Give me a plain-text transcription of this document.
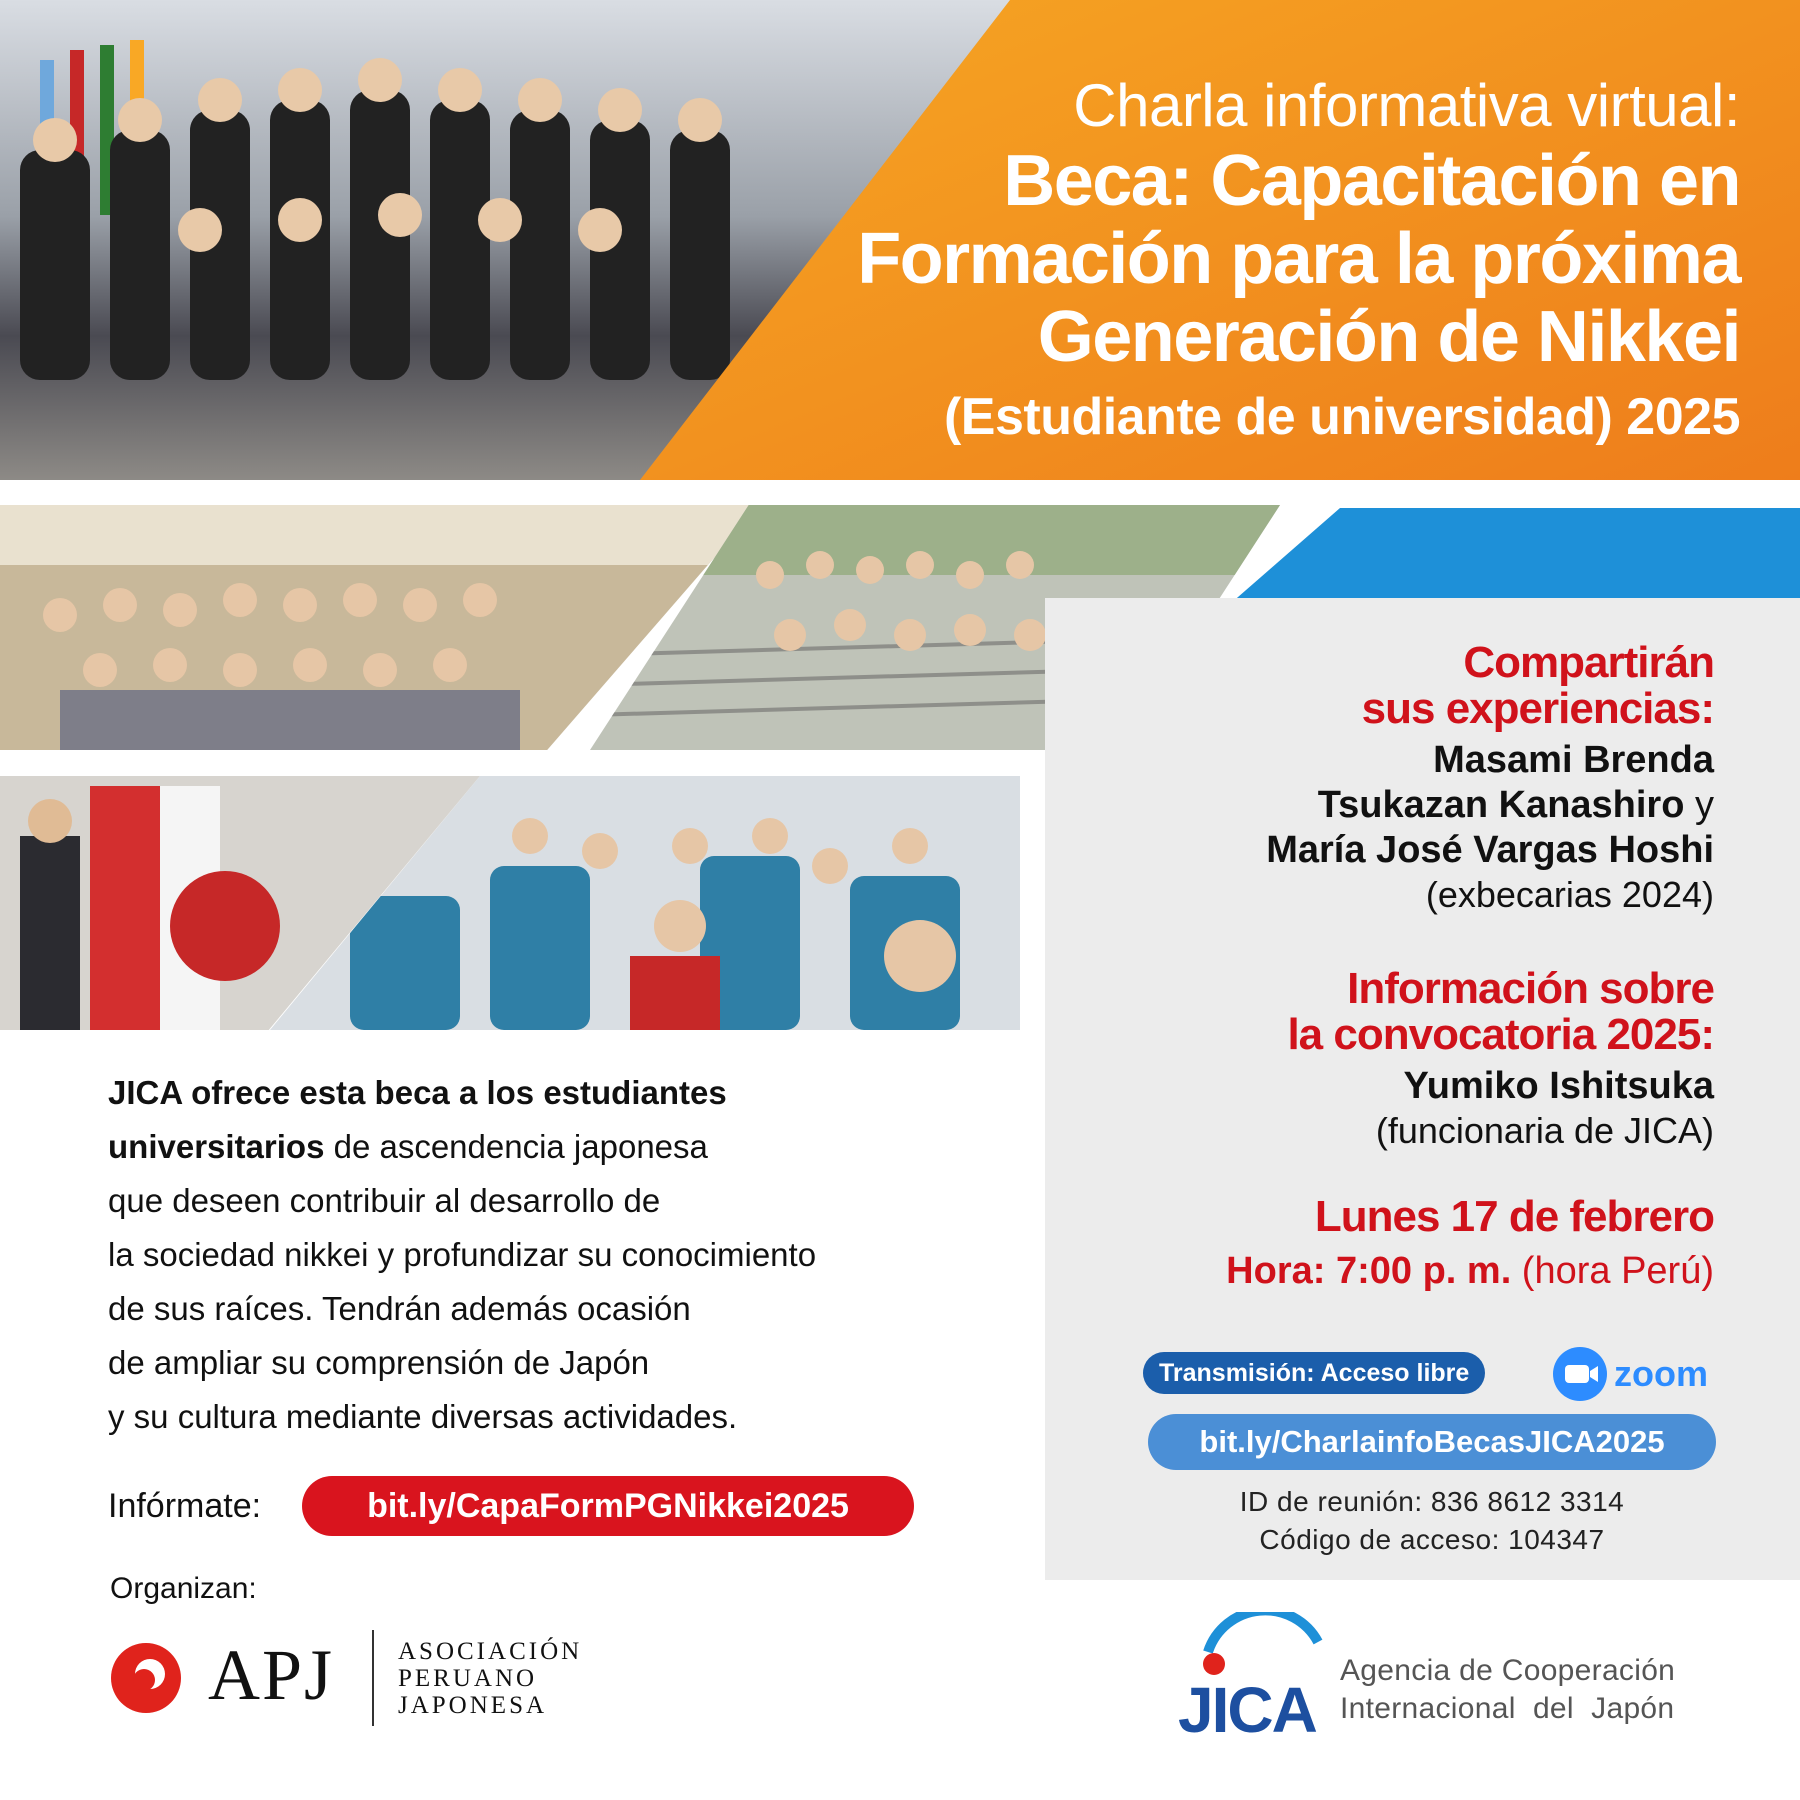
Charla informativa virtual:
Beca: Capacitación en
Formación para la próxima
Generación de Nikkei
(Estudiante de universidad) 2025
Compartirán
sus experiencias:
Masami Brenda
Tsukazan Kanashiro y
María José Vargas Hoshi
(exbecarias 2024)
Información sobre
la convocatoria 2025:
Yumiko Ishitsuka
(funcionaria de JICA)
Lunes 17 de febrero
Hora: 7:00 p. m. (hora Perú)
Transmisión: Acceso libre	zoom
bit.ly/CharlainfoBecasJICA2025
ID de reunión: 836 8612 3314
Código de acceso: 104347
JICA ofrece esta beca a los estudiantes
universitarios de ascendencia japonesa
que deseen contribuir al desarrollo de
la sociedad nikkei y profundizar su conocimiento
de sus raíces. Tendrán además ocasión
de ampliar su comprensión de Japón
y su cultura mediante diversas actividades.
Infórmate:	bit.ly/CapaFormPGNikkei2025
Organizan:
APJ	ASOCIACIÓN
PERUANO
JAPONESA	JICA
Agencia de Cooperación
Internacional  del  Japón
